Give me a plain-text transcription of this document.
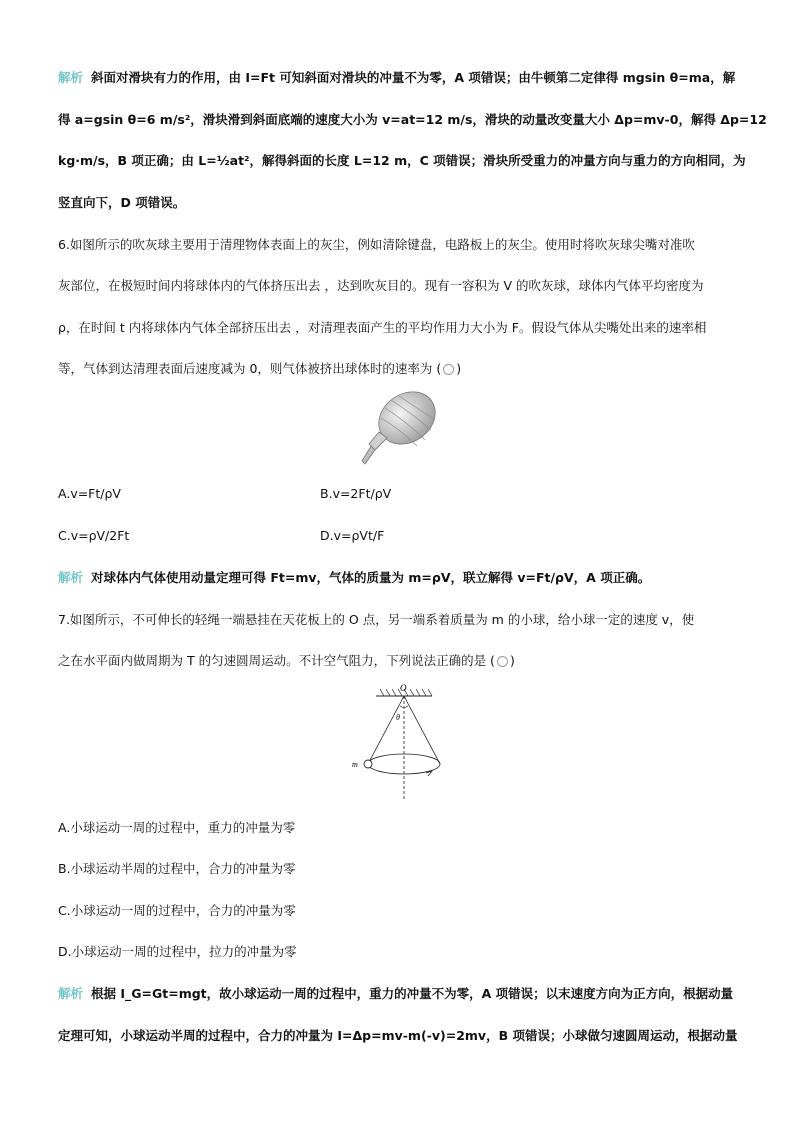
解析 斜面对滑块有力的作用，由 I=Ft 可知斜面对滑块的冲量不为零，A 项错误；由牛顿第二定律得 mgsin θ=ma，解
得 a=gsin θ=6 m/s²，滑块滑到斜面底端的速度大小为 v=at=12 m/s，滑块的动量改变量大小 Δp=mv-0，解得 Δp=12
kg·m/s，B 项正确；由 L=½at²，解得斜面的长度 L=12 m，C 项错误；滑块所受重力的冲量方向与重力的方向相同，为
竖直向下，D 项错误。
6.如图所示的吹灰球主要用于清理物体表面上的灰尘，例如清除键盘，电路板上的灰尘。使用时将吹灰球尖嘴对准吹
灰部位，在极短时间内将球体内的气体挤压出去 ，达到吹灰目的。现有一容积为 V 的吹灰球，球体内气体平均密度为
ρ，在时间 t 内将球体内气体全部挤压出去 ，对清理表面产生的平均作用力大小为 F。假设气体从尖嘴处出来的速率相
等，气体到达清理表面后速度减为 0，则气体被挤出球体时的速率为 ( )
A.v=Ft/ρV	B.v=2Ft/ρV
C.v=ρV/2Ft	D.v=ρVt/F
解析 对球体内气体使用动量定理可得 Ft=mv，气体的质量为 m=ρV，联立解得 v=Ft/ρV，A 项正确。
7.如图所示，不可伸长的轻绳一端悬挂在天花板上的 O 点，另一端系着质量为 m 的小球，给小球一定的速度 v，使
之在水平面内做周期为 T 的匀速圆周运动。不计空气阻力，下列说法正确的是 ( )
O
θ
m
A.小球运动一周的过程中，重力的冲量为零
B.小球运动半周的过程中，合力的冲量为零
C.小球运动一周的过程中，合力的冲量为零
D.小球运动一周的过程中，拉力的冲量为零
解析 根据 I_G=Gt=mgt，故小球运动一周的过程中，重力的冲量不为零，A 项错误；以末速度方向为正方向，根据动量
定理可知，小球运动半周的过程中，合力的冲量为 I=Δp=mv-m(-v)=2mv，B 项错误；小球做匀速圆周运动，根据动量
